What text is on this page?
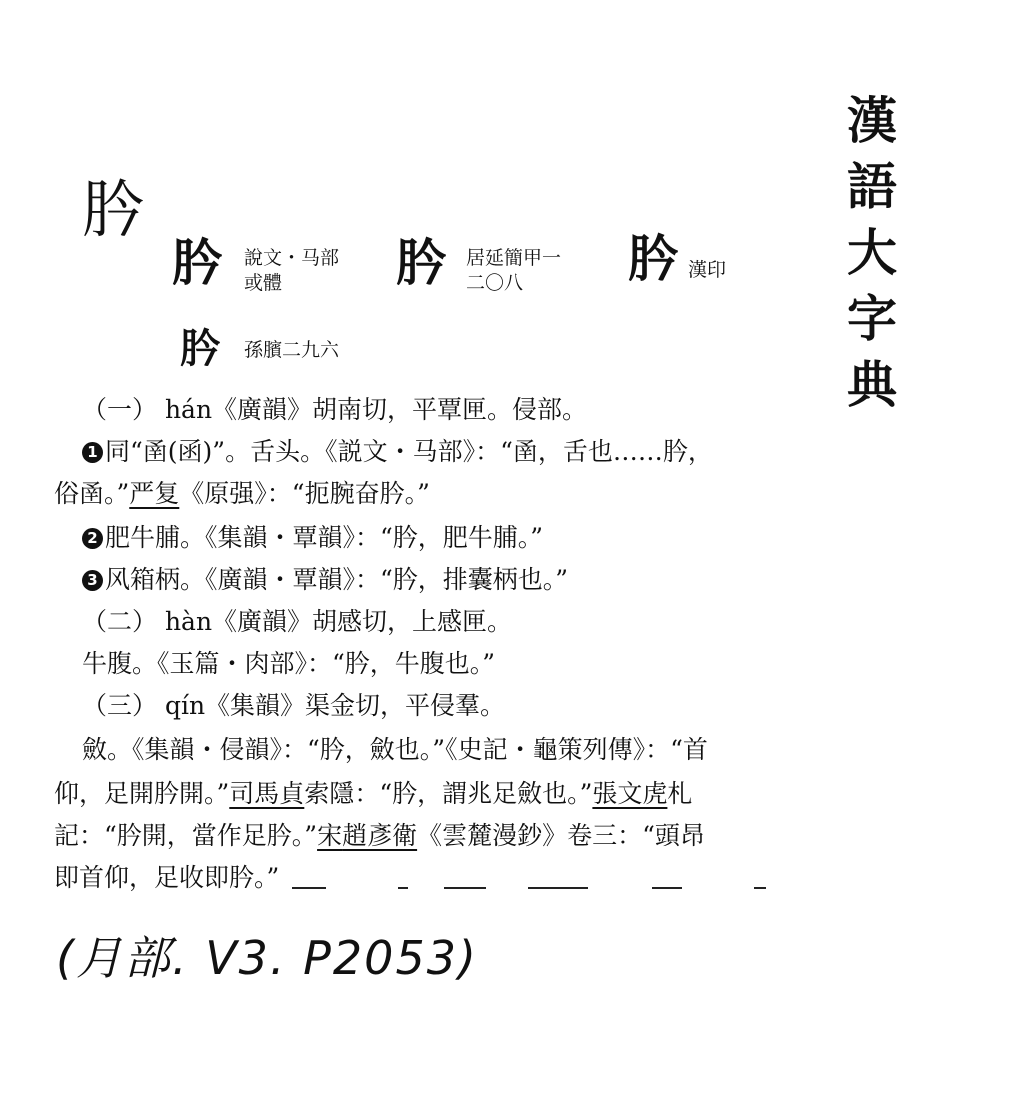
漢
語
大
字
典
肣
肣 說文・马部
或體	肣 居延簡甲一
二〇八	肣 漢印
肣 孫臏二九六
（一） hán《廣韻》胡南切，平覃匣。侵部。
1 同“圅(函)”。舌头。《説文・马部》：“圅，舌也……肣，
俗圅。”严复《原强》：“扼腕奋肣。”
2 肥牛脯。《集韻・覃韻》：“肣，肥牛脯。”
3 风箱柄。《廣韻・覃韻》：“肣，排囊柄也。”
（二） hàn《廣韻》胡感切，上感匣。
牛腹。《玉篇・肉部》：“肣，牛腹也。”
（三） qín《集韻》渠金切，平侵羣。
斂。《集韻・侵韻》：“肣，斂也。”《史記・龜策列傳》：“首
仰，足開肣開。”司馬貞索隱：“肣，謂兆足斂也。”張文虎札
記：“肣開，當作足肣。”宋趙彥衛《雲麓漫鈔》卷三：“頭昂
即首仰，足收即肣。”
(月部. V3. P2053)
